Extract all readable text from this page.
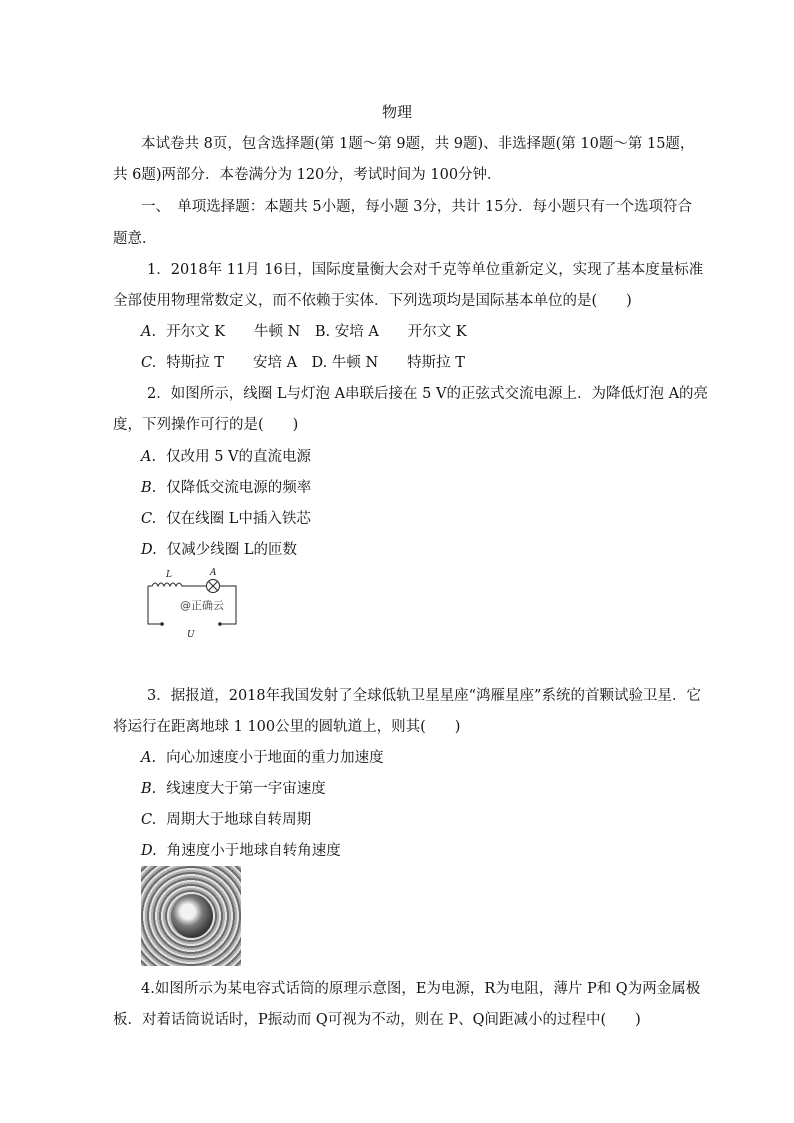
物理
本试卷共 8页，包含选择题(第 1题～第 9题，共 9题)、非选择题(第 10题～第 15题，
共 6题)两部分．本卷满分为 120分，考试时间为 100分钟．
一、　单项选择题：本题共 5小题，每小题 3分，共计 15分．每小题只有一个选项符合
题意．
1．2018年 11月 16日，国际度量衡大会对千克等单位重新定义，实现了基本度量标准
全部使用物理常数定义，而不依赖于实体．下列选项均是国际基本单位的是(　　)
A. 开尔文 K　　牛顿 N　B. 安培 A　　开尔文 K
C. 特斯拉 T　　安培 A　D. 牛顿 N　　特斯拉 T
2．如图所示，线圈 L与灯泡 A串联后接在 5 V的正弦式交流电源上．为降低灯泡 A的亮
度，下列操作可行的是(　　)
A. 仅改用 5 V的直流电源
B. 仅降低交流电源的频率
C. 仅在线圈 L中插入铁芯
D. 仅减少线圈 L的匝数
L	A
@正确云
U
3．据报道，2018年我国发射了全球低轨卫星星座“鸿雁星座”系统的首颗试验卫星．它
将运行在距离地球 1 100公里的圆轨道上，则其(　　)
A. 向心加速度小于地面的重力加速度
B. 线速度大于第一宇宙速度
C. 周期大于地球自转周期
D. 角速度小于地球自转角速度
4.如图所示为某电容式话筒的原理示意图，E为电源，R为电阻，薄片 P和 Q为两金属极
板．对着话筒说话时，P振动而 Q可视为不动，则在 P、Q间距减小的过程中(　　)
